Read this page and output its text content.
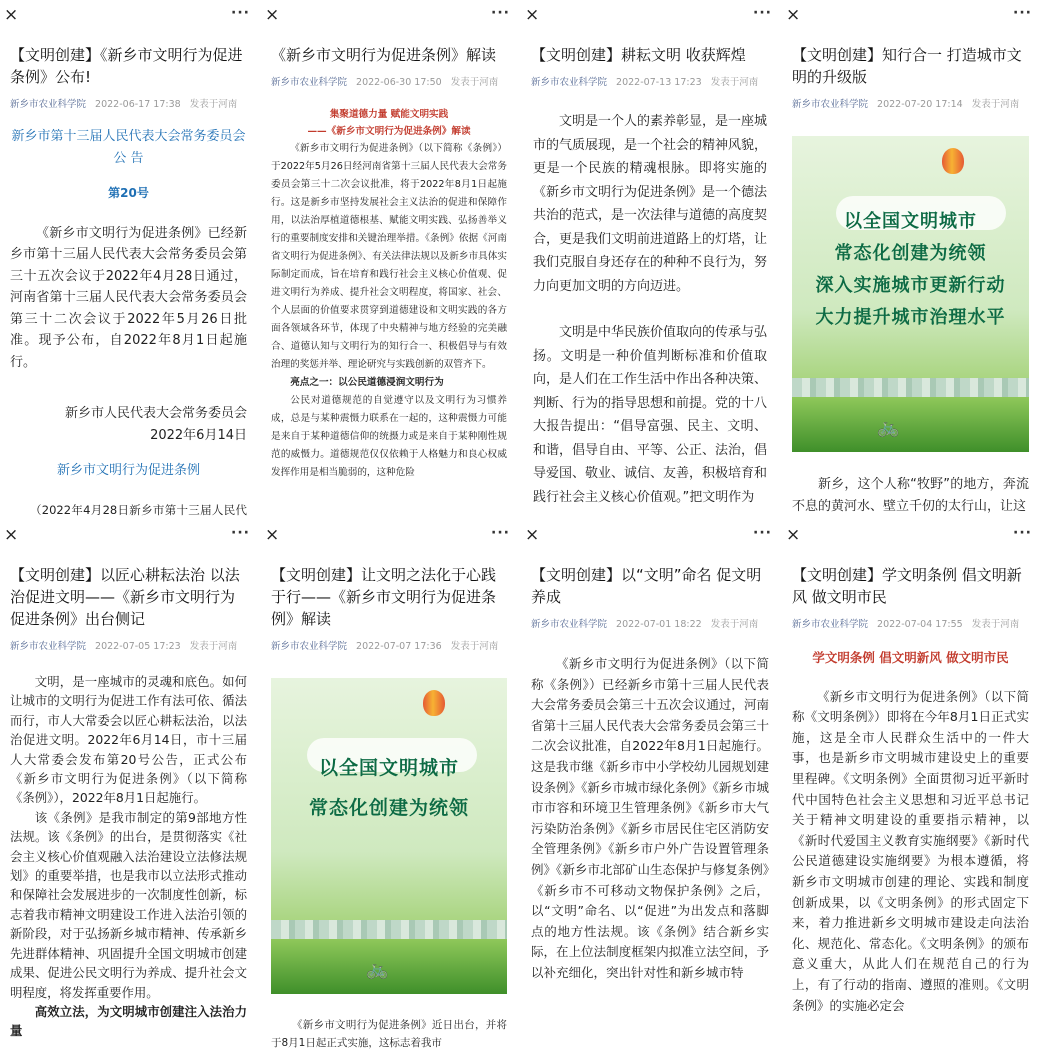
×	···
【文明创建】《新乡市文明行为促进条例》公布!
新乡市农业科学院 2022-06-17 17:38 发表于河南
新乡市第十三届人民代表大会常务委员会
公 告
第20号

《新乡市文明行为促进条例》已经新乡市第十三届人民代表大会常务委员会第三十五次会议于2022年4月28日通过，河南省第十三届人民代表大会常务委员会第三十二次会议于2022年5月26日批准。现予公布，自2022年8月1日起施行。

新乡市人民代表大会常务委员会
2022年6月14日
新乡市文明行为促进条例
（2022年4月28日新乡市第十三届人民代
×	···
《新乡市文明行为促进条例》解读
新乡市农业科学院 2022-06-30 17:50 发表于河南
集聚道德力量 赋能文明实践
——《新乡市文明行为促进条例》解读

《新乡市文明行为促进条例》（以下简称《条例》）于2022年5月26日经河南省第十三届人民代表大会常务委员会第三十二次会议批准，将于2022年8月1日起施行。这是新乡市坚持发展社会主义法治的促进和保障作用，以法治厚植道德根基、赋能文明实践、弘扬善举义行的重要制度安排和关键治理举措。《条例》依据《河南省文明行为促进条例》、有关法律法规以及新乡市具体实际制定而成，旨在培育和践行社会主义核心价值观、促进文明行为养成、提升社会文明程度，将国家、社会、个人层面的价值要求贯穿到道德建设和文明实践的各方面各领域各环节，体现了中央精神与地方经验的完美融合、道德认知与文明行为的知行合一、积极倡导与有效治理的奖惩并举、理论研究与实践创新的双管齐下。

亮点之一：以公民道德浸润文明行为

公民对道德规范的自觉遵守以及文明行为习惯养成，总是与某种震慑力联系在一起的，这种震慑力可能是来自于某种道德信仰的统摄力或是来自于某种刚性规范的威慑力。道德规范仅仅依赖于人格魅力和良心权威发挥作用是相当脆弱的，这种危险

×	···
【文明创建】耕耘文明 收获辉煌
新乡市农业科学院 2022-07-13 17:23 发表于河南

文明是一个人的素养彰显，是一座城市的气质展现，是一个社会的精神风貌，更是一个民族的精魂根脉。即将实施的《新乡市文明行为促进条例》是一个德法共治的范式，是一次法律与道德的高度契合，更是我们文明前进道路上的灯塔，让我们克服自身还存在的种种不良行为，努力向更加文明的方向迈进。

文明是中华民族价值取向的传承与弘扬。文明是一种价值判断标准和价值取向，是人们在工作生活中作出各种决策、判断、行为的指导思想和前提。党的十八大报告提出：“倡导富强、民主、文明、和谐，倡导自由、平等、公正、法治，倡导爱国、敬业、诚信、友善，积极培育和践行社会主义核心价值观。”把文明作为

×	···
【文明创建】知行合一 打造城市文明的升级版
新乡市农业科学院 2022-07-20 17:14 发表于河南
以全国文明城市
常态化创建为统领
深入实施城市更新行动
大力提升城市治理水平
🚲

新乡，这个人称“牧野”的地方，奔流不息的黄河水、壁立千仞的太行山，让这

×	···
【文明创建】以匠心耕耘法治 以法治促进文明——《新乡市文明行为促进条例》出台侧记
新乡市农业科学院 2022-07-05 17:23 发表于河南

文明，是一座城市的灵魂和底色。如何让城市的文明行为促进工作有法可依、循法而行，市人大常委会以匠心耕耘法治，以法治促进文明。2022年6月14日，市十三届人大常委会发布第20号公告，正式公布《新乡市文明行为促进条例》（以下简称《条例》），2022年8月1日起施行。

该《条例》是我市制定的第9部地方性法规。该《条例》的出台，是贯彻落实《社会主义核心价值观融入法治建设立法修法规划》的重要举措，也是我市以立法形式推动和保障社会发展进步的一次制度性创新，标志着我市精神文明建设工作进入法治引领的新阶段，对于弘扬新乡城市精神、传承新乡先进群体精神、巩固提升全国文明城市创建成果、促进公民文明行为养成、提升社会文明程度，将发挥重要作用。

高效立法，为文明城市创建注入法治力量

×	···
【文明创建】让文明之法化于心践于行——《新乡市文明行为促进条例》解读
新乡市农业科学院 2022-07-07 17:36 发表于河南
以全国文明城市
常态化创建为统领
🚲

《新乡市文明行为促进条例》近日出台，并将于8月1日起正式实施，这标志着我市

×	···
【文明创建】以“文明”命名 促文明养成
新乡市农业科学院 2022-07-01 18:22 发表于河南

《新乡市文明行为促进条例》（以下简称《条例》）已经新乡市第十三届人民代表大会常务委员会第三十五次会议通过，河南省第十三届人民代表大会常务委员会第三十二次会议批准，自2022年8月1日起施行。这是我市继《新乡市中小学校幼儿园规划建设条例》《新乡市城市绿化条例》《新乡市城市市容和环境卫生管理条例》《新乡市大气污染防治条例》《新乡市居民住宅区消防安全管理条例》《新乡市户外广告设置管理条例》《新乡市北部矿山生态保护与修复条例》《新乡市不可移动文物保护条例》之后，以“文明”命名、以“促进”为出发点和落脚点的地方性法规。该《条例》结合新乡实际，在上位法制度框架内拟准立法空间，予以补充细化，突出针对性和新乡城市特

×	···
【文明创建】学文明条例 倡文明新风 做文明市民
新乡市农业科学院 2022-07-04 17:55 发表于河南
学文明条例 倡文明新风 做文明市民

《新乡市文明行为促进条例》（以下简称《文明条例》）即将在今年8月1日正式实施，这是全市人民群众生活中的一件大事，也是新乡市文明城市建设史上的重要里程碑。《文明条例》全面贯彻习近平新时代中国特色社会主义思想和习近平总书记关于精神文明建设的重要指示精神，以《新时代爱国主义教育实施纲要》《新时代公民道德建设实施纲要》为根本遵循，将新乡市文明城市创建的理论、实践和制度创新成果，以《文明条例》的形式固定下来，着力推进新乡文明城市建设走向法治化、规范化、常态化。《文明条例》的颁布意义重大，从此人们在规范自己的行为上，有了行动的指南、遵照的准则。《文明条例》的实施必定会
